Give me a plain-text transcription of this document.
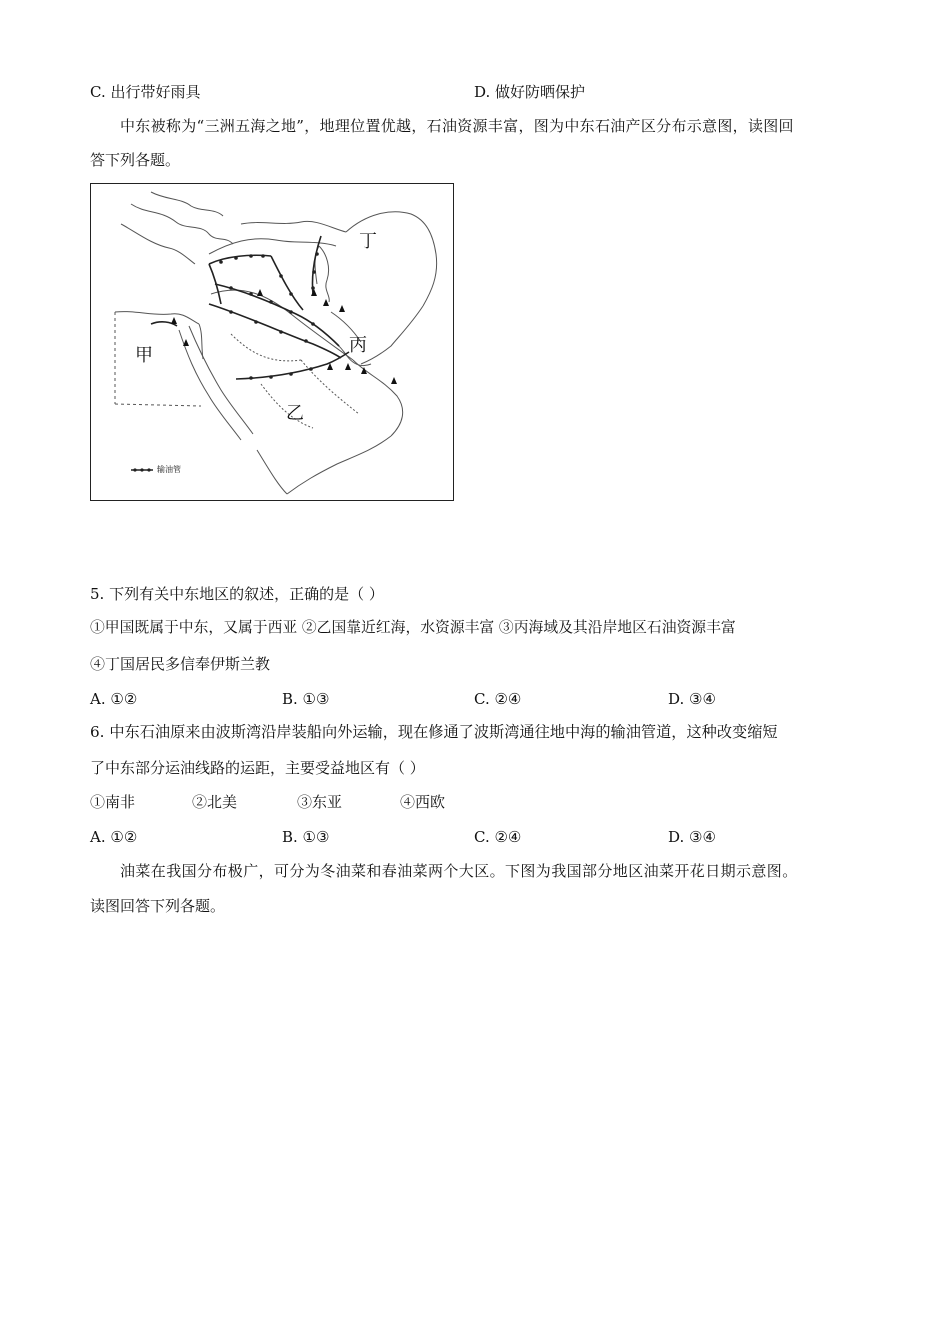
C. 出行带好雨具	D. 做好防晒保护
中东被称为“三洲五海之地”，地理位置优越，石油资源丰富，图为中东石油产区分布示意图，读图回
答下列各题。
甲
乙
丙
丁
输油管
5. 下列有关中东地区的叙述，正确的是（ ）
①甲国既属于中东，又属于西亚 ②乙国靠近红海，水资源丰富 ③丙海域及其沿岸地区石油资源丰富
④丁国居民多信奉伊斯兰教
A. ①②	B. ①③	C. ②④	D. ③④
6. 中东石油原来由波斯湾沿岸装船向外运输，现在修通了波斯湾通往地中海的输油管道，这种改变缩短
了中东部分运油线路的运距，主要受益地区有（ ）
①南非	②北美	③东亚	④西欧
A. ①②	B. ①③	C. ②④	D. ③④
油菜在我国分布极广，可分为冬油菜和春油菜两个大区。下图为我国部分地区油菜开花日期示意图。
读图回答下列各题。
